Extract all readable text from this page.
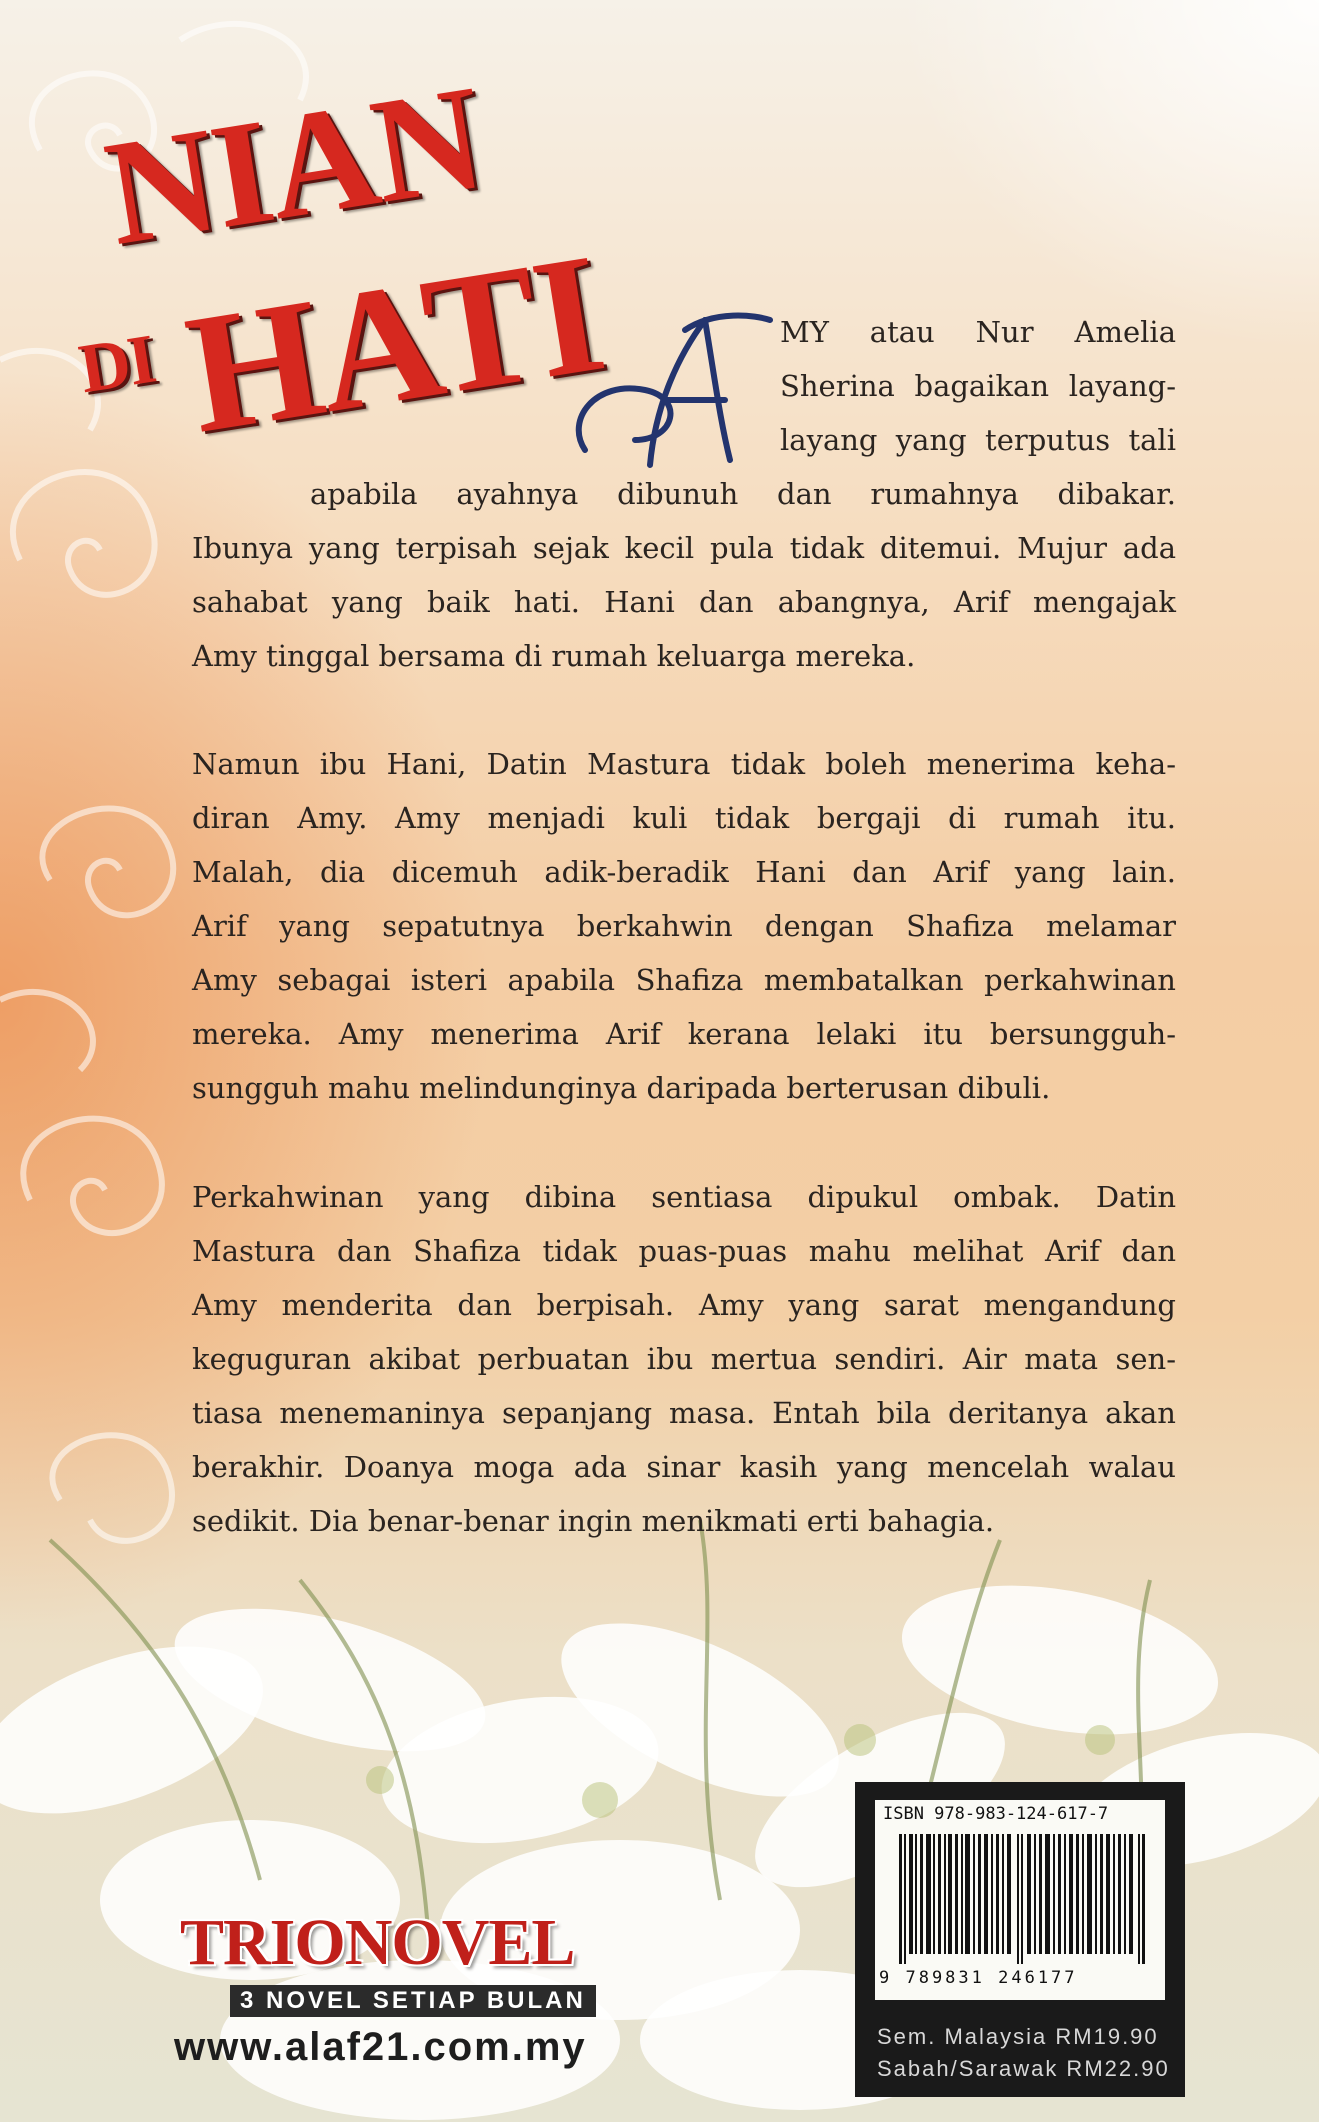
NIAN
DI HATI	A
MY atau Nur Amelia
Sherina bagaikan layang-
layang yang terputus tali
apabila ayahnya dibunuh dan rumahnya dibakar.
Ibunya yang terpisah sejak kecil pula tidak ditemui. Mujur ada
sahabat yang baik hati. Hani dan abangnya, Arif mengajak
Amy tinggal bersama di rumah keluarga mereka.
Namun ibu Hani, Datin Mastura tidak boleh menerima keha-
diran Amy. Amy menjadi kuli tidak bergaji di rumah itu.
Malah, dia dicemuh adik-beradik Hani dan Arif yang lain.
Arif yang sepatutnya berkahwin dengan Shafiza melamar
Amy sebagai isteri apabila Shafiza membatalkan perkahwinan
mereka. Amy menerima Arif kerana lelaki itu bersungguh-
sungguh mahu melindunginya daripada berterusan dibuli.
Perkahwinan yang dibina sentiasa dipukul ombak. Datin
Mastura dan Shafiza tidak puas-puas mahu melihat Arif dan
Amy menderita dan berpisah. Amy yang sarat mengandung
keguguran akibat perbuatan ibu mertua sendiri. Air mata sen-
tiasa menemaninya sepanjang masa. Entah bila deritanya akan
berakhir. Doanya moga ada sinar kasih yang mencelah walau
sedikit. Dia benar-benar ingin menikmati erti bahagia.
TRIONOVEL
3 NOVEL SETIAP BULAN
www.alaf21.com.my
ISBN 978-983-124-617-7
9 789831 246177
Sem. Malaysia RM19.90
Sabah/Sarawak RM22.90
